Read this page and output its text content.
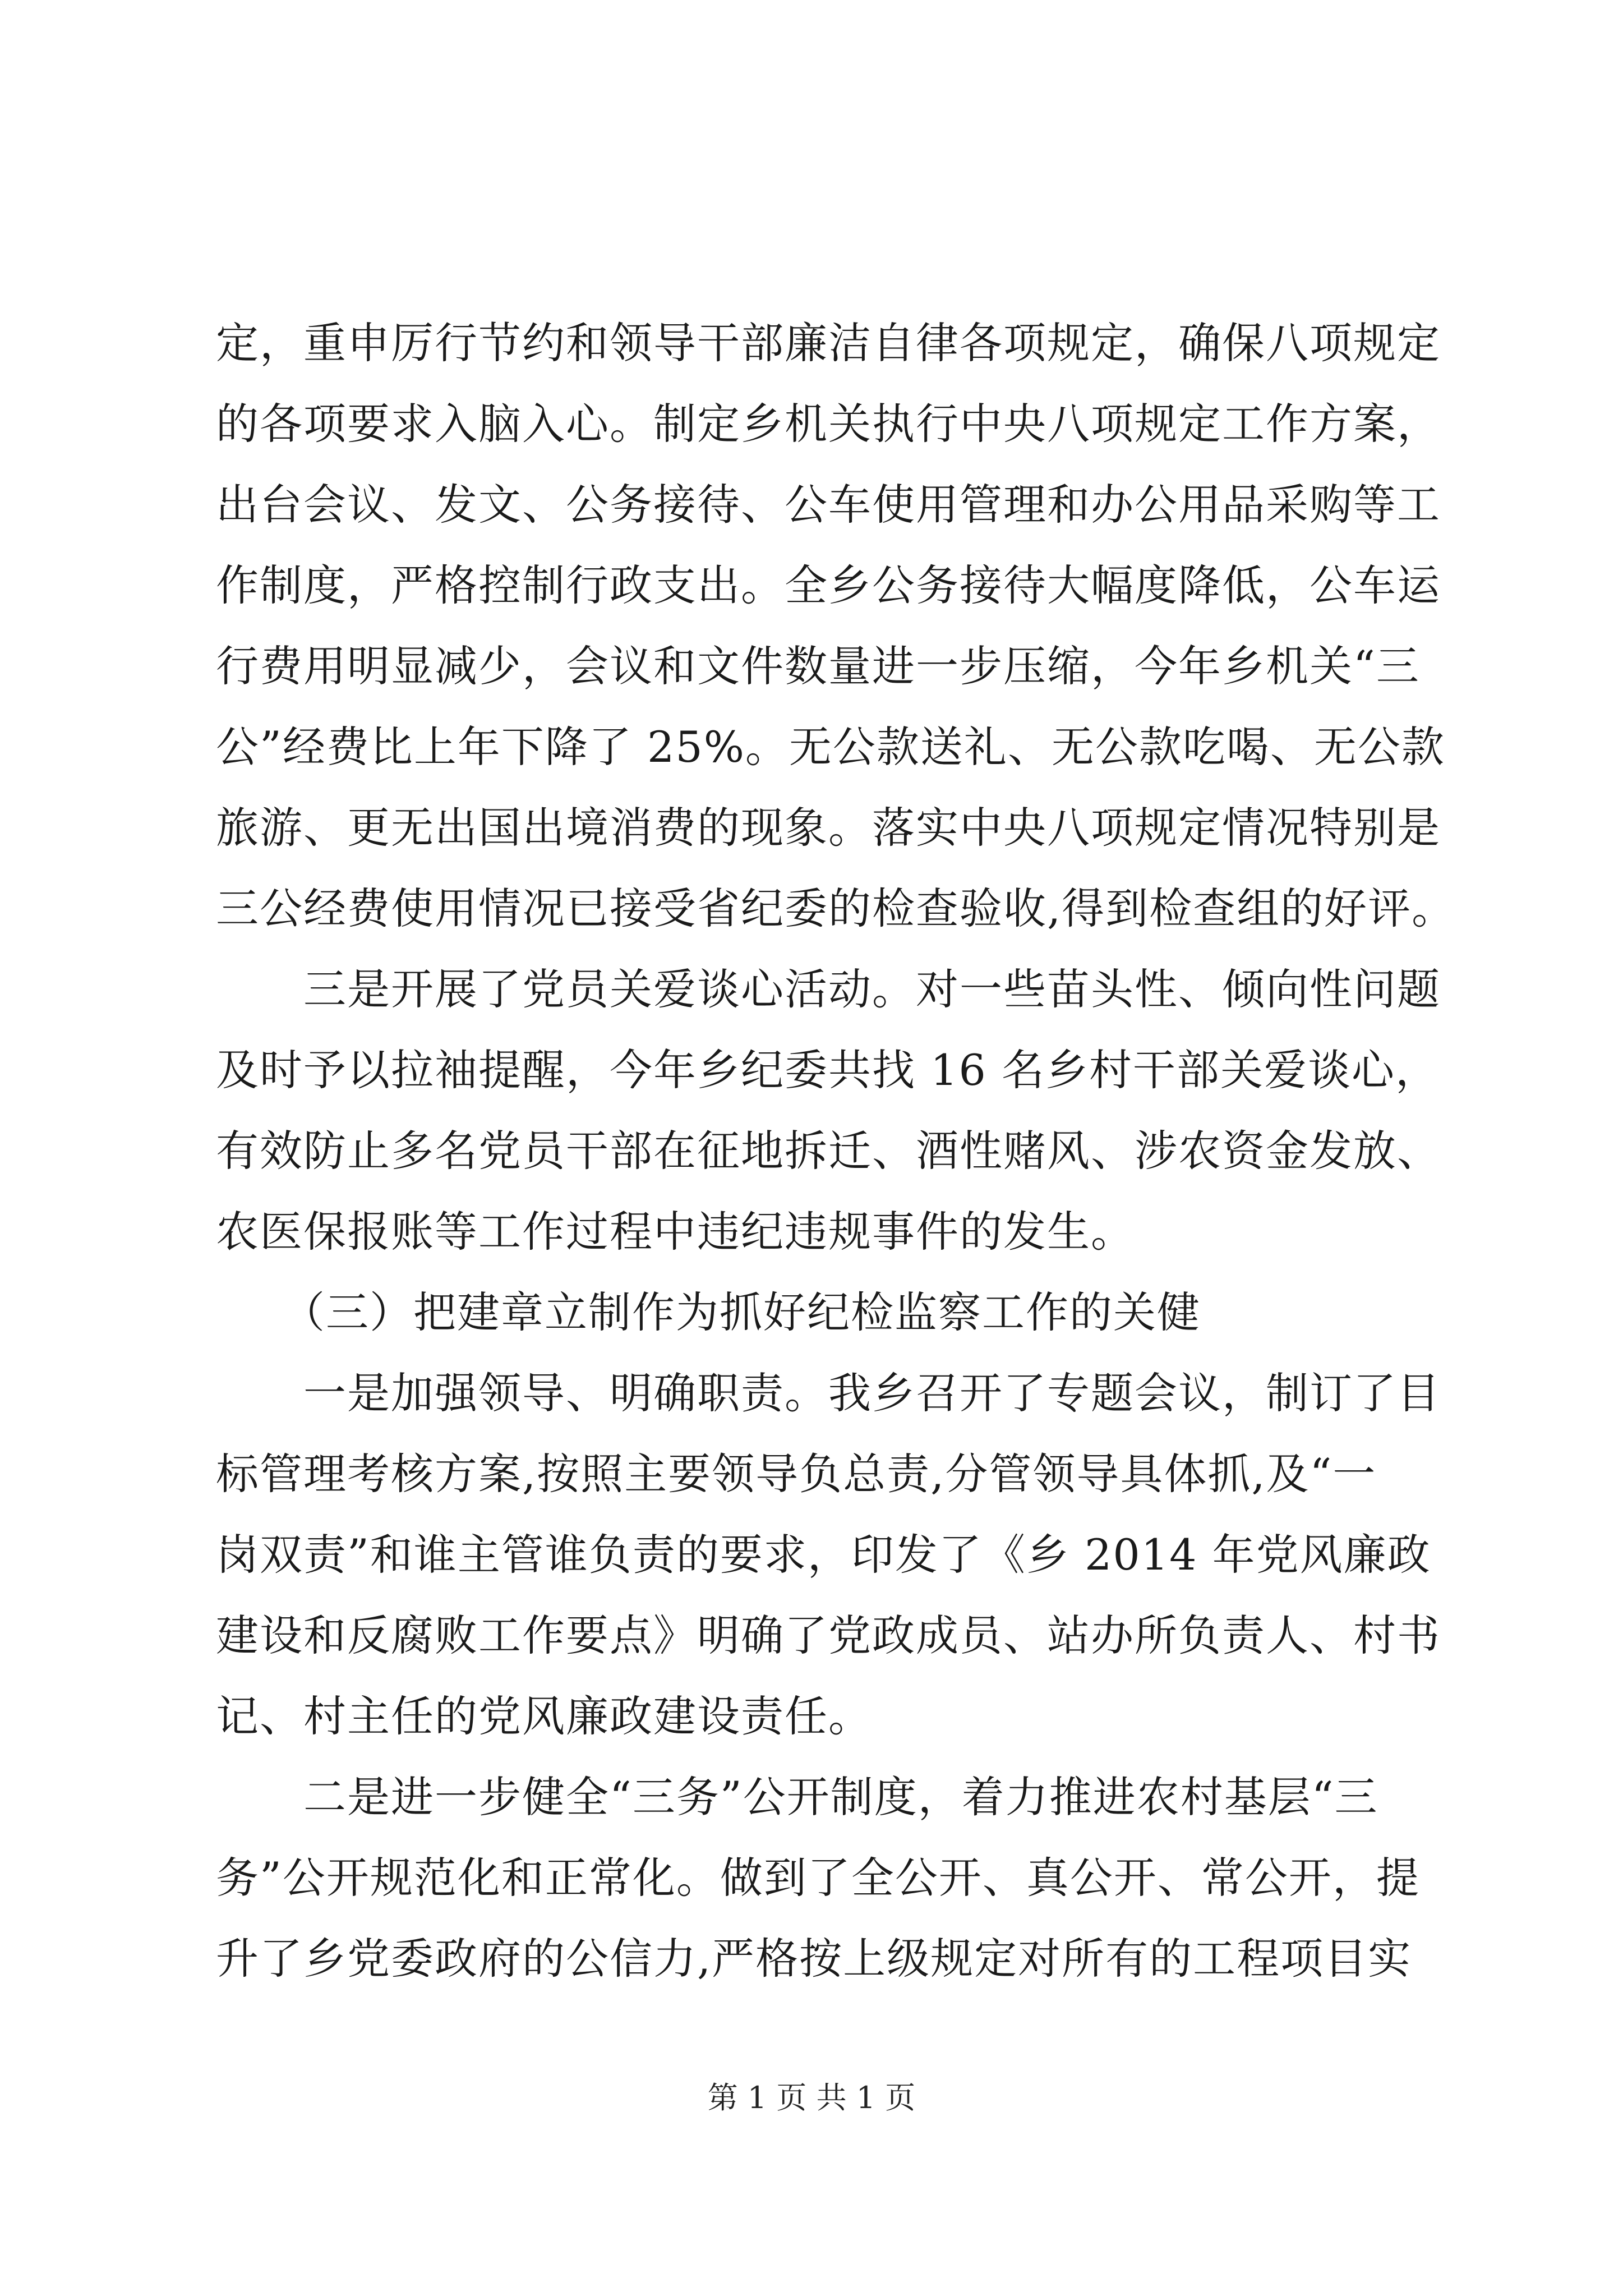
定，重申厉行节约和领导干部廉洁自律各项规定，确保八项规定
的各项要求入脑入心。制定乡机关执行中央八项规定工作方案，
出台会议、发文、公务接待、公车使用管理和办公用品采购等工
作制度，严格控制行政支出。全乡公务接待大幅度降低，公车运
行费用明显减少，会议和文件数量进一步压缩，今年乡机关“三
公”经费比上年下降了 25%。无公款送礼、无公款吃喝、无公款
旅游、更无出国出境消费的现象。落实中央八项规定情况特别是
三公经费使用情况已接受省纪委的检查验收,得到检查组的好评。
　　三是开展了党员关爱谈心活动。对一些苗头性、倾向性问题
及时予以拉袖提醒，今年乡纪委共找 16 名乡村干部关爱谈心，
有效防止多名党员干部在征地拆迁、酒性赌风、涉农资金发放、
农医保报账等工作过程中违纪违规事件的发生。
　　（三）把建章立制作为抓好纪检监察工作的关健
　　一是加强领导、明确职责。我乡召开了专题会议，制订了目
标管理考核方案,按照主要领导负总责,分管领导具体抓,及“一
岗双责”和谁主管谁负责的要求，印发了《乡 2014 年党风廉政
建设和反腐败工作要点》明确了党政成员、站办所负责人、村书
记、村主任的党风廉政建设责任。
　　二是进一步健全“三务”公开制度，着力推进农村基层“三
务”公开规范化和正常化。做到了全公开、真公开、常公开，提
升了乡党委政府的公信力,严格按上级规定对所有的工程项目实
第 1 页 共 1 页
